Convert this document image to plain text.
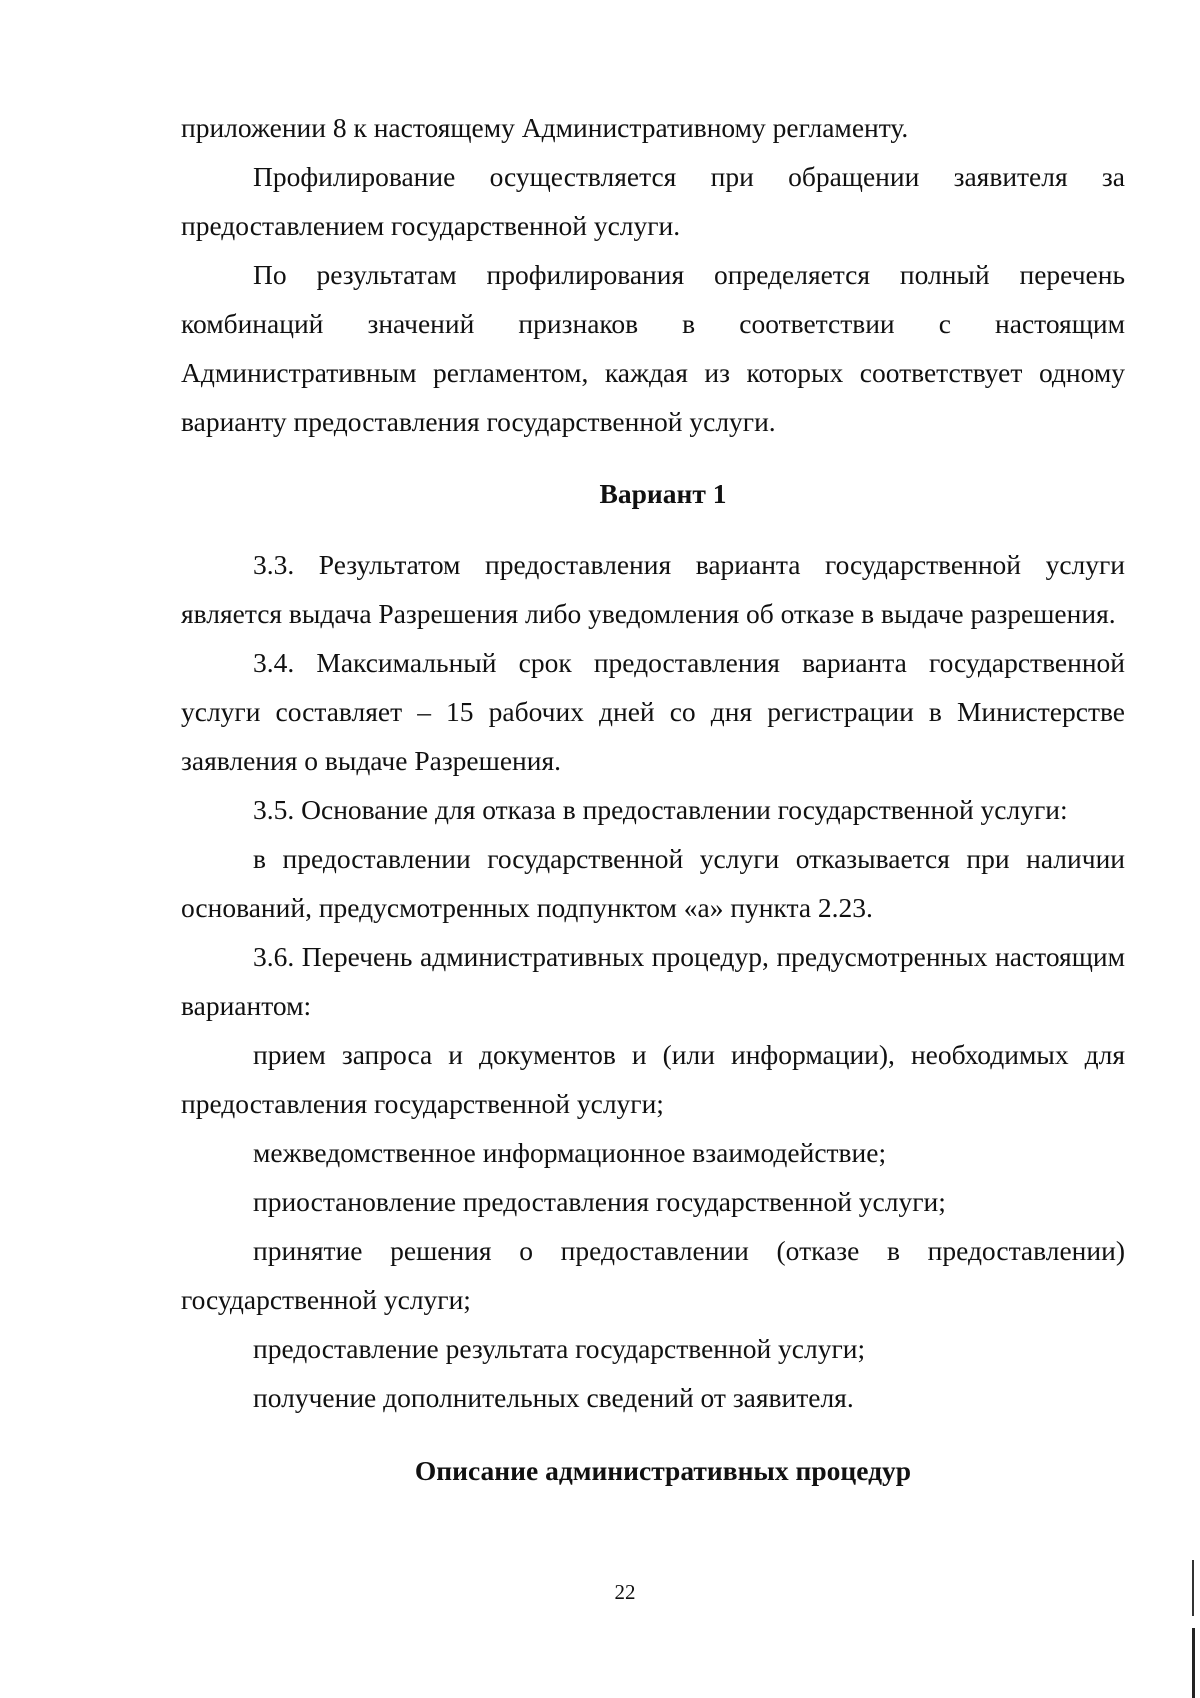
приложении 8 к настоящему Административному регламенту.

Профилирование осуществляется при обращении заявителя за предоставлением государственной услуги.

По результатам профилирования определяется полный перечень комбинаций значений признаков в соответствии с настоящим Административным регламентом, каждая из которых соответствует одному варианту предоставления государственной услуги.

Вариант 1

3.3. Результатом предоставления варианта государственной услуги является выдача Разрешения либо уведомления об отказе в выдаче разрешения.

3.4. Максимальный срок предоставления варианта государственной услуги составляет – 15 рабочих дней со дня регистрации в Министерстве заявления о выдаче Разрешения.

3.5. Основание для отказа в предоставлении государственной услуги:

в предоставлении государственной услуги отказывается при наличии оснований, предусмотренных подпунктом «а» пункта 2.23.

3.6. Перечень административных процедур, предусмотренных настоящим вариантом:

прием запроса и документов и (или информации), необходимых для предоставления государственной услуги;

межведомственное информационное взаимодействие;

приостановление предоставления государственной услуги;

принятие решения о предоставлении (отказе в предоставлении) государственной услуги;

предоставление результата государственной услуги;

получение дополнительных сведений от заявителя.

Описание административных процедур

22
